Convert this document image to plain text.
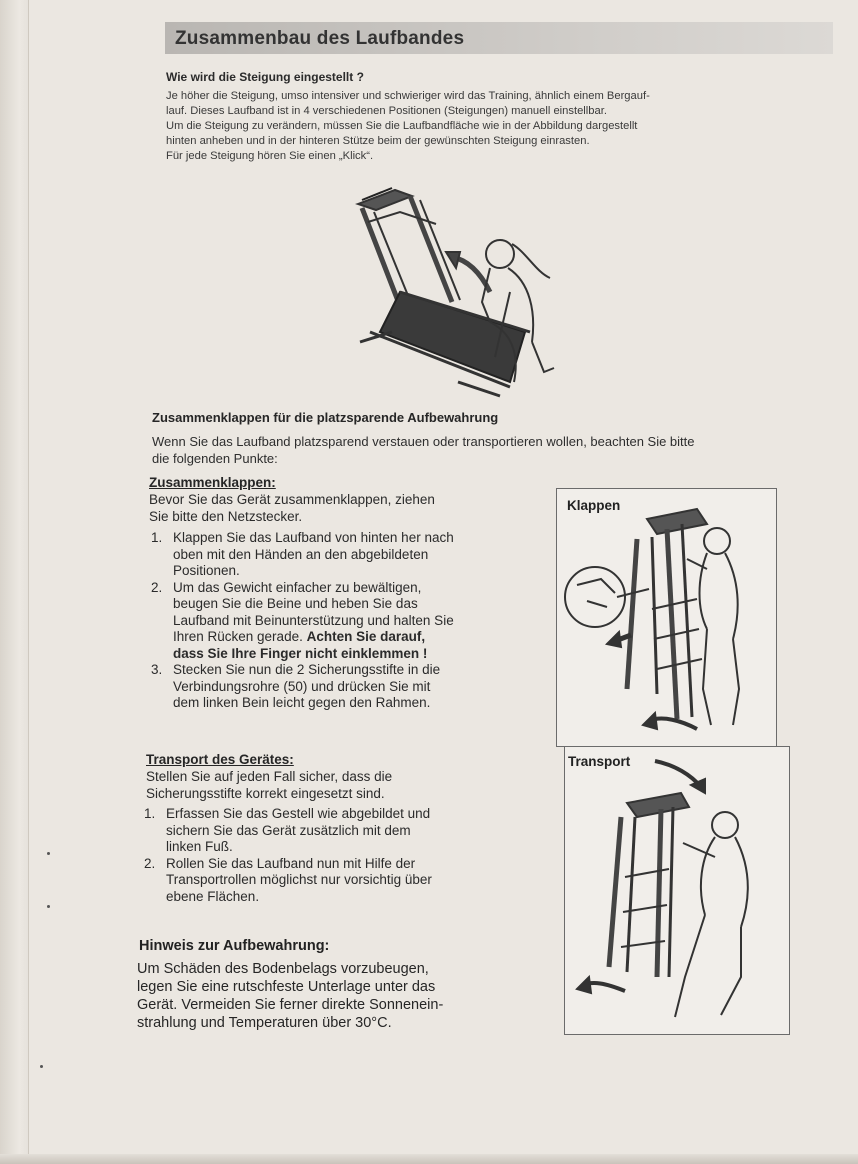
Zusammenbau des Laufbandes
Wie wird die Steigung eingestellt ?
Je höher die Steigung, umso intensiver und schwieriger wird das Training, ähnlich einem Bergauf-
lauf. Dieses Laufband ist in 4 verschiedenen Positionen (Steigungen) manuell einstellbar.
Um die Steigung zu verändern, müssen Sie die Laufbandfläche wie in der Abbildung dargestellt
hinten anheben und in der hinteren Stütze beim der gewünschten Steigung einrasten.
Für jede Steigung hören Sie einen „Klick“.
Zusammenklappen für die platzsparende Aufbewahrung
Wenn Sie das Laufband platzsparend verstauen oder transportieren wollen, beachten Sie bitte
die folgenden Punkte:
Zusammenklappen:
Bevor Sie das Gerät zusammenklappen, ziehen
Sie bitte den Netzstecker.
1. Klappen Sie das Laufband von hinten her nach
oben mit den Händen an den abgebildeten
Positionen.
2. Um das Gewicht einfacher zu bewältigen,
beugen Sie die Beine und heben Sie das
Laufband mit Beinunterstützung und halten Sie
Ihren Rücken gerade. Achten Sie darauf,
dass Sie Ihre Finger nicht einklemmen !
3. Stecken Sie nun die 2 Sicherungsstifte in die
Verbindungsrohre (50) und drücken Sie mit
dem linken Bein leicht gegen den Rahmen.
Transport des Gerätes:
Stellen Sie auf jeden Fall sicher, dass die
Sicherungsstifte korrekt eingesetzt sind.
1. Erfassen Sie das Gestell wie abgebildet und
sichern Sie das Gerät zusätzlich mit dem
linken Fuß.
2. Rollen Sie das Laufband nun mit Hilfe der
Transportrollen möglichst nur vorsichtig über
ebene Flächen.
Hinweis zur Aufbewahrung:
Um Schäden des Bodenbelags vorzubeugen,
legen Sie eine rutschfeste Unterlage unter das
Gerät. Vermeiden Sie ferner direkte Sonnenein-
strahlung und Temperaturen über 30°C.
Klappen
Transport
